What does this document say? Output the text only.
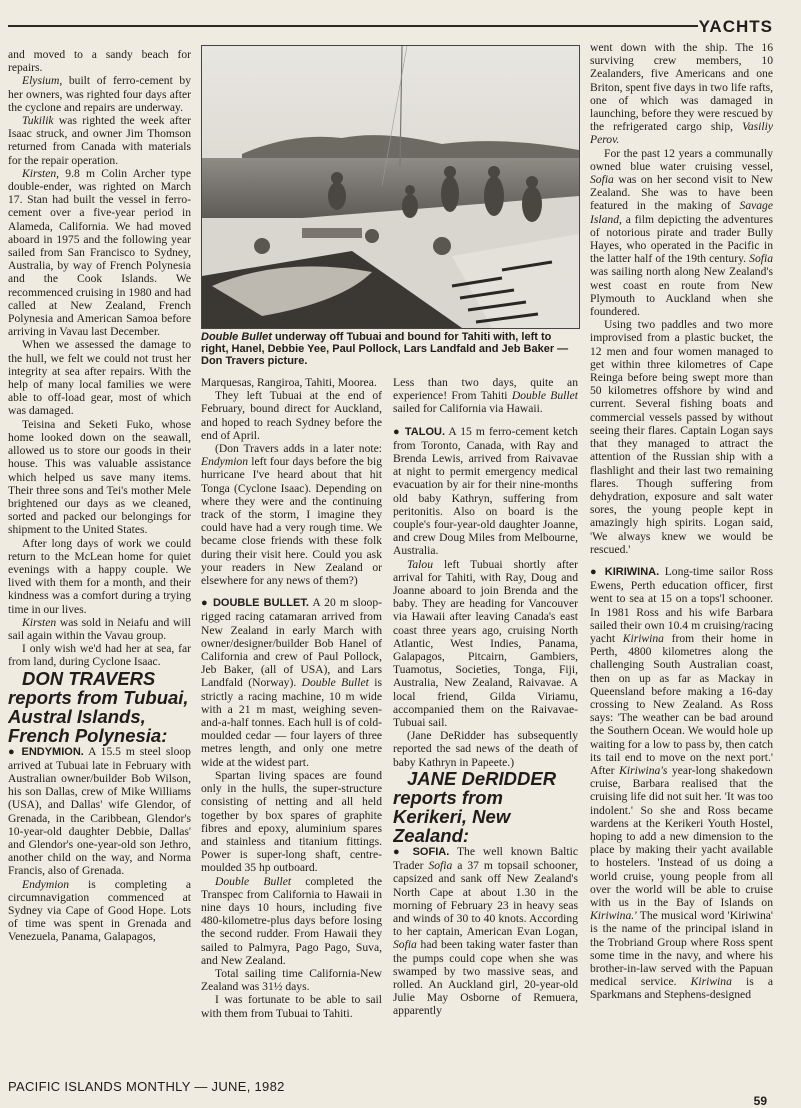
YACHTS

and moved to a sandy beach for repairs.

Elysium, built of ferro-cement by her owners, was righted four days after the cyclone and repairs are underway.

Tukilik was righted the week after Isaac struck, and owner Jim Thomson returned from Canada with materials for the repair operation.

Kirsten, 9.8 m Colin Archer type double-ender, was righted on March 17. Stan had built the vessel in ferro-cement over a five-year period in Alameda, California. We had moved aboard in 1975 and the following year sailed from San Francisco to Sydney, Australia, by way of French Polynesia and the Cook Islands. We recommenced cruising in 1980 and had called at New Zealand, French Polynesia and American Samoa before arriving in Vavau last December.

When we assessed the damage to the hull, we felt we could not trust her integrity at sea after repairs. With the help of many local families we were able to off-load gear, most of which was damaged.

Teisina and Seketi Fuko, whose home looked down on the seawall, allowed us to store our goods in their house. This was valuable assistance which helped us save many items. Their three sons and Tei's mother Mele brightened our days as we cleaned, sorted and packed our belongings for shipment to the United States.

After long days of work we could return to the McLean home for quiet evenings with a happy couple. We lived with them for a month, and their kindness was a comfort during a trying time in our lives.

Kirsten was sold in Neiafu and will sail again within the Vavau group.

I only wish we'd had her at sea, far from land, during Cyclone Isaac.

DON TRAVERS reports from Tubuai, Austral Islands, French Polynesia:

● ENDYMION. A 15.5 m steel sloop arrived at Tubuai late in February with Australian owner/builder Bob Wilson, his son Dallas, crew of Mike Williams (USA), and Dallas' wife Glendor, of Grenada, in the Caribbean, Glendor's 10-year-old daughter Debbie, Dallas' and Glendor's one-year-old son Jethro, another child on the way, and Norma Francis, also of Grenada.

Endymion is completing a circumnavigation commenced at Sydney via Cape of Good Hope. Lots of time was spent in Grenada and Venezuela, Panama, Galapagos,

Double Bullet underway off Tubuai and bound for Tahiti with, left to right, Hanel, Debbie Yee, Paul Pollock, Lars Landfald and Jeb Baker — Don Travers picture.

Marquesas, Rangiroa, Tahiti, Moorea.

They left Tubuai at the end of February, bound direct for Auckland, and hoped to reach Sydney before the end of April.

(Don Travers adds in a later note: Endymion left four days before the big hurricane I've heard about that hit Tonga (Cyclone Isaac). Depending on where they were and the continuing track of the storm, I imagine they could have had a very rough time. We became close friends with these folk during their visit here. Could you ask your readers in New Zealand or elsewhere for any news of them?)

● DOUBLE BULLET. A 20 m sloop-rigged racing catamaran arrived from New Zealand in early March with owner/designer/builder Bob Hanel of California and crew of Paul Pollock, Jeb Baker, (all of USA), and Lars Landfald (Norway). Double Bullet is strictly a racing machine, 10 m wide with a 21 m mast, weighing seven-and-a-half tonnes. Each hull is of cold-moulded cedar — four layers of three metres length, and only one metre wide at the widest part.

Spartan living spaces are found only in the hulls, the super-structure consisting of netting and all held together by box spares of graphite fibres and epoxy, aluminium spares and stainless and titanium fittings. Power is super-long shaft, centre-moulded 35 hp outboard.

Double Bullet completed the Transpec from California to Hawaii in nine days 10 hours, including five 480-kilometre-plus days before losing the second rudder. From Hawaii they sailed to Palmyra, Pago Pago, Suva, and New Zealand.

Total sailing time California-New Zealand was 31½ days.

I was fortunate to be able to sail with them from Tubuai to Tahiti.

Less than two days, quite an experience! From Tahiti Double Bullet sailed for California via Hawaii.

● TALOU. A 15 m ferro-cement ketch from Toronto, Canada, with Ray and Brenda Lewis, arrived from Raivavae at night to permit emergency medical evacuation by air for their nine-months old baby Kathryn, suffering from peritonitis. Also on board is the couple's four-year-old daughter Joanne, and crew Doug Miles from Melbourne, Australia.

Talou left Tubuai shortly after arrival for Tahiti, with Ray, Doug and Joanne aboard to join Brenda and the baby. They are heading for Vancouver via Hawaii after leaving Canada's east coast three years ago, cruising North Atlantic, West Indies, Panama, Galapagos, Pitcairn, Gambiers, Tuamotus, Societies, Tonga, Fiji, Australia, New Zealand, Raivavae. A local friend, Gilda Viriamu, accompanied them on the Raivavae-Tubuai sail.

(Jane DeRidder has subsequently reported the sad news of the death of baby Kathryn in Papeete.)

JANE DeRIDDER reports from Kerikeri, New Zealand:

● SOFIA. The well known Baltic Trader Sofia a 37 m topsail schooner, capsized and sank off New Zealand's North Cape at about 1.30 in the morning of February 23 in heavy seas and winds of 30 to 40 knots. According to her captain, American Evan Logan, Sofia had been taking water faster than the pumps could cope when she was swamped by two massive seas, and rolled. An Auckland girl, 20-year-old Julie May Osborne of Remuera, apparently

went down with the ship. The 16 surviving crew members, 10 Zealanders, five Americans and one Briton, spent five days in two life rafts, one of which was damaged in launching, before they were rescued by the refrigerated cargo ship, Vasiliy Perov.

For the past 12 years a communally owned blue water cruising vessel, Sofia was on her second visit to New Zealand. She was to have been featured in the making of Savage Island, a film depicting the adventures of notorious pirate and trader Bully Hayes, who operated in the Pacific in the latter half of the 19th century. Sofia was sailing north along New Zealand's west coast en route from New Plymouth to Auckland when she foundered.

Using two paddles and two more improvised from a plastic bucket, the 12 men and four women managed to get within three kilometres of Cape Reinga before being swept more than 50 kilometres offshore by wind and current. Several fishing boats and commercial vessels passed by without seeing their flares. Captain Logan says that they managed to attract the attention of the Russian ship with a flashlight and their last two remaining flares. Though suffering from dehydration, exposure and salt water sores, the young people kept in amazingly high spirits. Logan said, 'We always knew we would be rescued.'

● KIRIWINA. Long-time sailor Ross Ewens, Perth education officer, first went to sea at 15 on a tops'l schooner. In 1981 Ross and his wife Barbara sailed their own 10.4 m cruising/racing yacht Kiriwina from their home in Perth, 4800 kilometres along the challenging South Australian coast, then on up as far as Mackay in Queensland before making a 16-day crossing to New Zealand. As Ross says: 'The weather can be bad around the Southern Ocean. We would hole up waiting for a low to pass by, then catch its tail end to move on the next port.' After Kiriwina's year-long shakedown cruise, Barbara realised that the cruising life did not suit her. 'It was too indolent.' So she and Ross became wardens at the Kerikeri Youth Hostel, hoping to add a new dimension to the place by making their yacht available to hostelers. 'Instead of us doing a world cruise, young people from all over the world will be able to cruise with us in the Bay of Islands on Kiriwina.' The musical word 'Kiriwina' is the name of the principal island in the Trobriand Group where Ross spent some time in the navy, and where his brother-in-law served with the Papuan medical service. Kiriwina is a Sparkmans and Stephens-designed

PACIFIC ISLANDS MONTHLY — JUNE, 1982
59
